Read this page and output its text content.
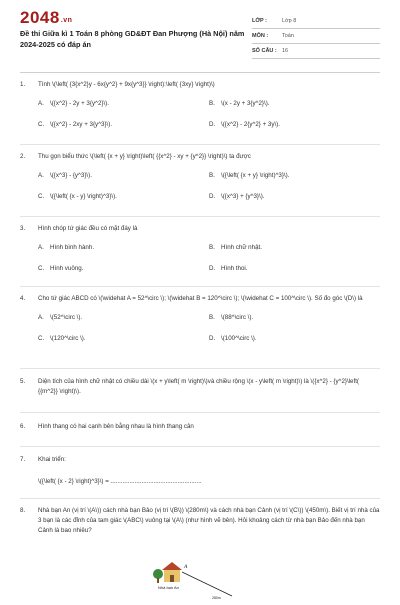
2048.vn
Đề thi Giữa kì 1 Toán 8 phòng GD&ĐT Đan Phượng (Hà Nội) năm 2024-2025 có đáp án
LỚP :	Lớp 8
MÔN :	Toán
SỐ CÂU : 16
1.	Tính \(\left( {3{x^2}y - 6x{y^2} + 9x{y^3}} \right):\left( {3xy} \right)\)
A. \({x^2} - 2y + 3{y^2}\).	B. \(x - 2y + 3{y^2}\).
C. \({x^2} - 2xy + 3{y^3}\).	D. \({x^2} - 2{y^2} + 3y\).
2.	Thu gọn biểu thức \(\left( {x + y} \right)\left( {{x^2} - xy + {y^2}} \right)\) ta được
A. \({x^3} - {y^3}\).	B. \({\left( {x + y} \right)^3}\).
C. \({\left( {x - y} \right)^3}\).	D. \({x^3} + {y^3}\).
3.	Hình chóp tứ giác đều có mặt đáy là
A. Hình bình hành.	B. Hình chữ nhật.
C. Hình vuông.	D. Hình thoi.
4.	Cho tứ giác ABCD có \(\widehat A = 52^\circ \); \(\widehat B = 120^\circ \); \(\widehat C = 100^\circ \). Số đo góc \(D\) là
A. \(52^\circ \).	B. \(88^\circ \).
C. \(120^\circ \).	D. \(100^\circ \).
5.	Diện tích của hình chữ nhật có chiều dài \(x + y\left( m \right)\)và chiều rộng \(x - y\left( m \right)\) là \({x^2} - {y^2}\left( {{m^2}} \right)\).
6.	Hình thang có hai cạnh bên bằng nhau là hình thang cân
7.	Khai triển:
\({\left( {x - 2} \right)^3}\) = .....................................................
8.	Nhà bạn An (vị trí \(A\)) cách nhà bạn Bảo (vị trí \(B\)) \(280m\) và cách nhà bạn Cảnh (vị trí \(C\)) \(450m\). Biết vị trí nhà của 3 bạn là các đỉnh của tam giác \(ABC\) vuông tại \(A\) (như hình vẽ bên). Hỏi khoảng cách từ nhà bạn Bảo đến nhà bạn Cảnh là bao nhiêu?
Nhà bạn An
A
280m
